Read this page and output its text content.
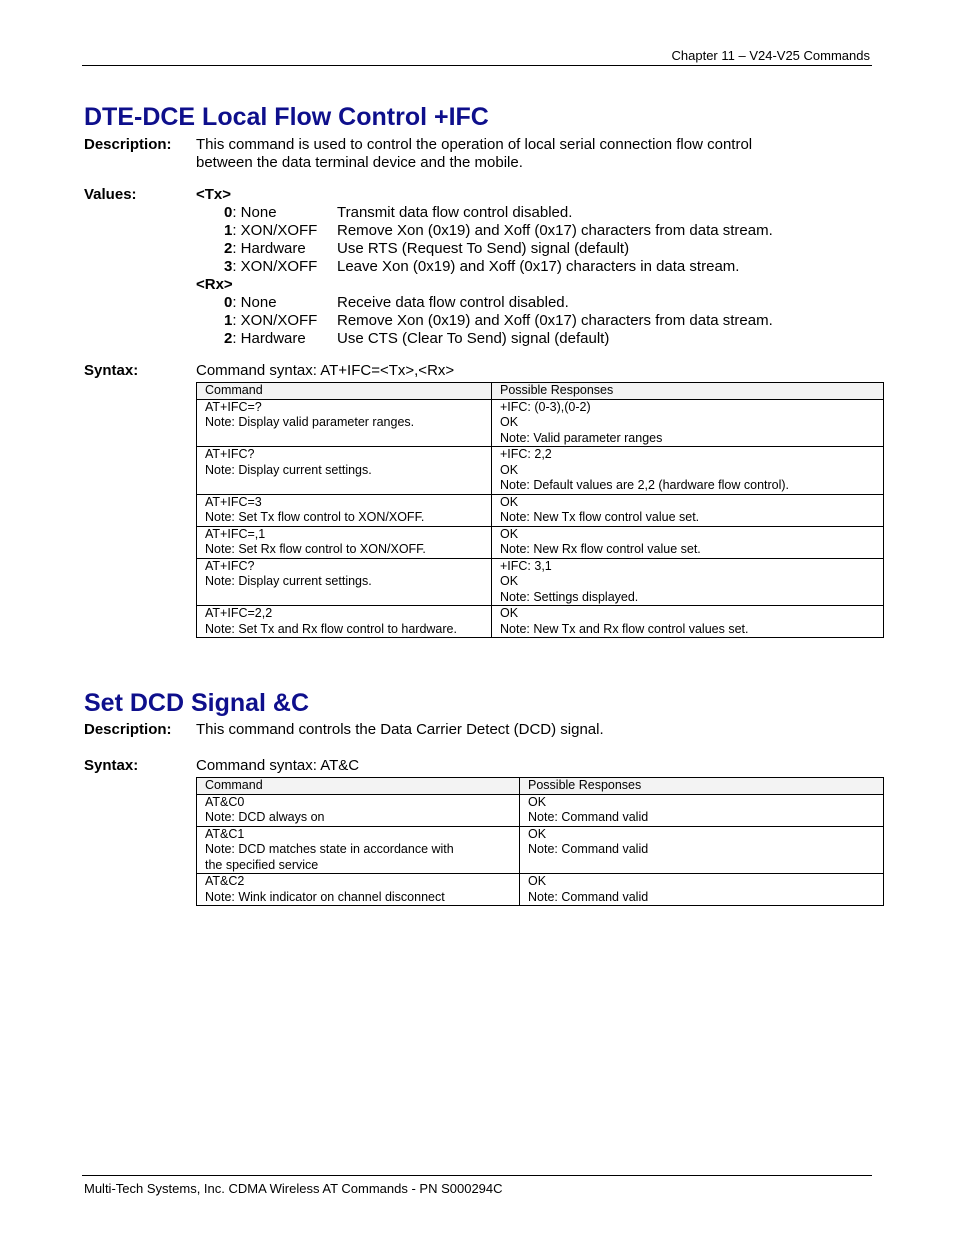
Chapter 11 – V24-V25 Commands
DTE-DCE Local Flow Control +IFC
Description: This command is used to control the operation of local serial connection flow control
between the data terminal device and the mobile.
Values:	<Tx>
0: None	Transmit data flow control disabled.
1: XON/XOFF	Remove Xon (0x19) and Xoff (0x17) characters from data stream.
2: Hardware	Use RTS (Request To Send) signal (default)
3: XON/XOFF	Leave Xon (0x19) and Xoff (0x17) characters in data stream.
<Rx>
0: None	Receive data flow control disabled.
1: XON/XOFF	Remove Xon (0x19) and Xoff (0x17) characters from data stream.
2: Hardware	Use CTS (Clear To Send) signal (default)
Syntax:	Command syntax: AT+IFC=<Tx>,<Rx>
Command	Possible Responses

AT+IFC=?
Note: Display valid parameter ranges.	+IFC: (0-3),(0-2)
OK
Note: Valid parameter ranges

AT+IFC?
Note: Display current settings.	+IFC: 2,2
OK
Note: Default values are 2,2 (hardware flow control).

AT+IFC=3
Note: Set Tx flow control to XON/XOFF.	OK
Note: New Tx flow control value set.

AT+IFC=,1
Note: Set Rx flow control to XON/XOFF.	OK
Note: New Rx flow control value set.

AT+IFC?
Note: Display current settings.	+IFC: 3,1
OK
Note: Settings displayed.

AT+IFC=2,2
Note: Set Tx and Rx flow control to hardware.	OK
Note: New Tx and Rx flow control values set.
Set DCD Signal &C
Description: This command controls the Data Carrier Detect (DCD) signal.
Syntax:	Command syntax: AT&C
Command	Possible Responses

AT&C0
Note: DCD always on	OK
Note: Command valid

AT&C1
Note: DCD matches state in accordance with
the specified service	OK
Note: Command valid

AT&C2
Note: Wink indicator on channel disconnect	OK
Note: Command valid
Multi-Tech Systems, Inc. CDMA Wireless AT Commands - PN S000294C
